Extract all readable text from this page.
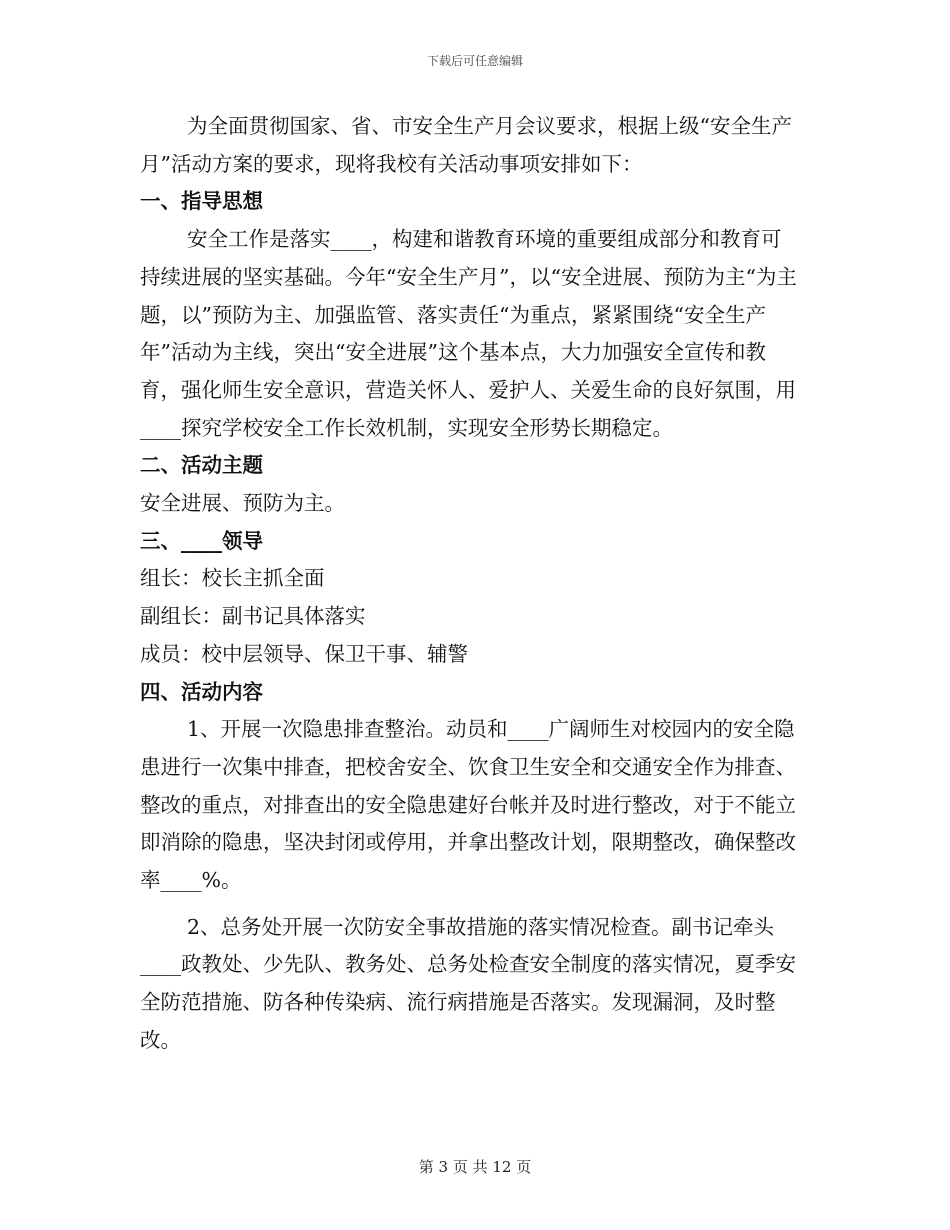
下载后可任意编辑

为全面贯彻国家、省、市安全生产月会议要求，根据上级“安全生产月”活动方案的要求，现将我校有关活动事项安排如下：

一、指导思想

安全工作是落实____，构建和谐教育环境的重要组成部分和教育可持续进展的坚实基础。今年“安全生产月”，以“安全进展、预防为主“为主题，以”预防为主、加强监管、落实责任“为重点，紧紧围绕“安全生产年”活动为主线，突出“安全进展”这个基本点，大力加强安全宣传和教育，强化师生安全意识，营造关怀人、爱护人、关爱生命的良好氛围，用____探究学校安全工作长效机制，实现安全形势长期稳定。

二、活动主题

安全进展、预防为主。

三、____领导

组长：校长主抓全面

副组长：副书记具体落实

成员：校中层领导、保卫干事、辅警

四、活动内容

1、开展一次隐患排查整治。动员和____广阔师生对校园内的安全隐患进行一次集中排查，把校舍安全、饮食卫生安全和交通安全作为排查、整改的重点，对排查出的安全隐患建好台帐并及时进行整改，对于不能立即消除的隐患，坚决封闭或停用，并拿出整改计划，限期整改，确保整改率____%。

2、总务处开展一次防安全事故措施的落实情况检查。副书记牵头____政教处、少先队、教务处、总务处检查安全制度的落实情况，夏季安全防范措施、防各种传染病、流行病措施是否落实。发现漏洞，及时整改。

第 3 页 共 12 页
